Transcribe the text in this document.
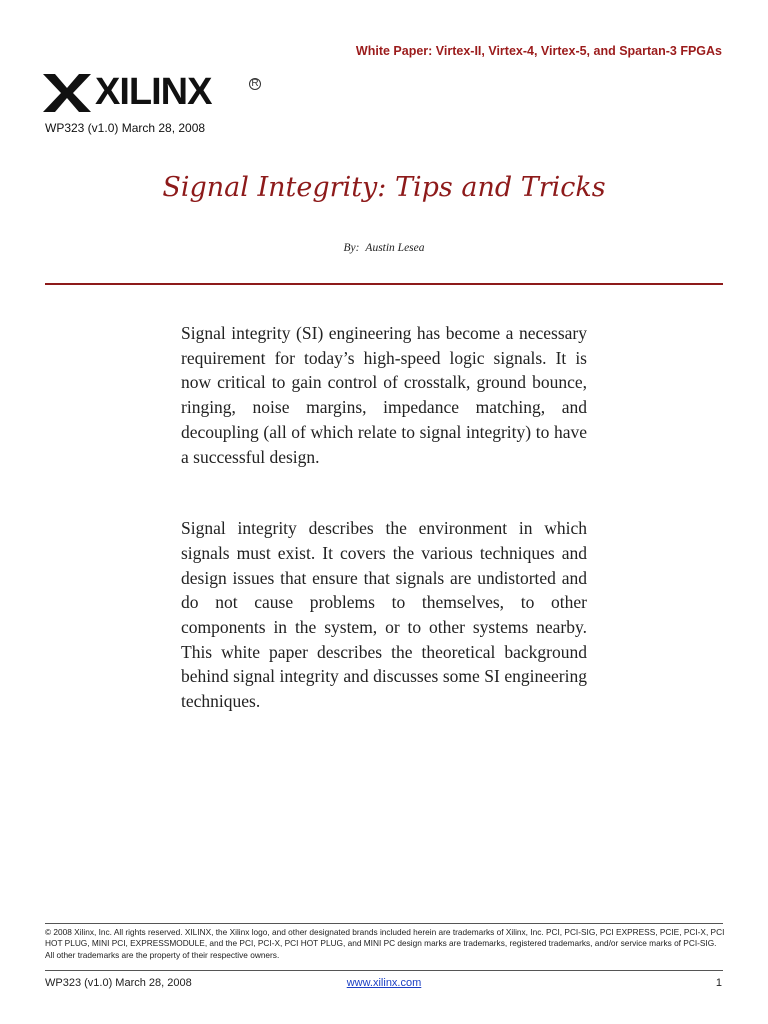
White Paper: Virtex-II, Virtex-4, Virtex-5, and Spartan-3 FPGAs
XILINX	R
WP323 (v1.0) March 28, 2008
Signal Integrity: Tips and Tricks
By: Austin Lesea

Signal integrity (SI) engineering has become a necessary requirement for today’s high-speed logic signals. It is now critical to gain control of crosstalk, ground bounce, ringing, noise margins, impedance matching, and decoupling (all of which relate to signal integrity) to have a successful design.

Signal integrity describes the environment in which signals must exist. It covers the various techniques and design issues that ensure that signals are undistorted and do not cause problems to themselves, to other components in the system, or to other systems nearby. This white paper describes the theoretical background behind signal integrity and discusses some SI engineering techniques.

© 2008 Xilinx, Inc. All rights reserved. XILINX, the Xilinx logo, and other designated brands included herein are trademarks of Xilinx, Inc. PCI, PCI-SIG, PCI EXPRESS, PCIE, PCI-X, PCI HOT PLUG, MINI PCI, EXPRESSMODULE, and the PCI, PCI-X, PCI HOT PLUG, and MINI PC design marks are trademarks, registered trademarks, and/or service marks of PCI-SIG. All other trademarks are the property of their respective owners.
WP323 (v1.0) March 28, 2008	www.xilinx.com	1
